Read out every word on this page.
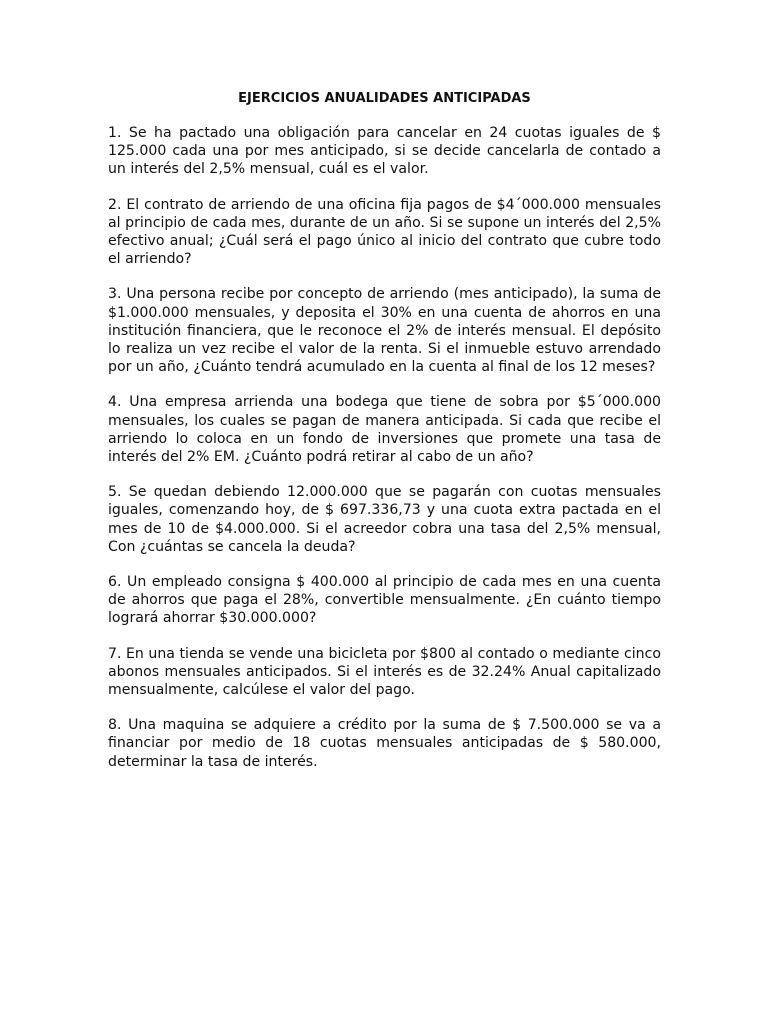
EJERCICIOS ANUALIDADES ANTICIPADAS

1. Se ha pactado una obligación para cancelar en 24 cuotas iguales de $ 125.000 cada una por mes anticipado, si se decide cancelarla de contado a un interés del 2,5% mensual, cuál es el valor.

2. El contrato de arriendo de una oficina fija pagos de $4´000.000 mensuales al principio de cada mes, durante de un año. Si se supone un interés del 2,5% efectivo anual; ¿Cuál será el pago único al inicio del contrato que cubre todo el arriendo?

3. Una persona recibe por concepto de arriendo (mes anticipado), la suma de $1.000.000 mensuales, y deposita el 30% en una cuenta de ahorros en una institución financiera, que le reconoce el 2% de interés mensual. El depósito lo realiza un vez recibe el valor de la renta. Si el inmueble estuvo arrendado por un año, ¿Cuánto tendrá acumulado en la cuenta al final de los 12 meses?

4. Una empresa arrienda una bodega que tiene de sobra por $5´000.000 mensuales, los cuales se pagan de manera anticipada. Si cada que recibe el arriendo lo coloca en un fondo de inversiones que promete una tasa de interés del 2% EM. ¿Cuánto podrá retirar al cabo de un año?

5. Se quedan debiendo 12.000.000 que se pagarán con cuotas mensuales iguales, comenzando hoy, de $ 697.336,73 y una cuota extra pactada en el mes de 10 de $4.000.000. Si el acreedor cobra una tasa del 2,5% mensual, Con ¿cuántas se cancela la deuda?

6. Un empleado consigna $ 400.000 al principio de cada mes en una cuenta de ahorros que paga el 28%, convertible mensualmente. ¿En cuánto tiempo logrará ahorrar $30.000.000?

7. En una tienda se vende una bicicleta por $800 al contado o mediante cinco abonos mensuales anticipados. Si el interés es de 32.24% Anual capitalizado mensualmente, calcúlese el valor del pago.

8. Una maquina se adquiere a crédito por la suma de $ 7.500.000 se va a financiar por medio de 18 cuotas mensuales anticipadas de $ 580.000, determinar la tasa de interés.
